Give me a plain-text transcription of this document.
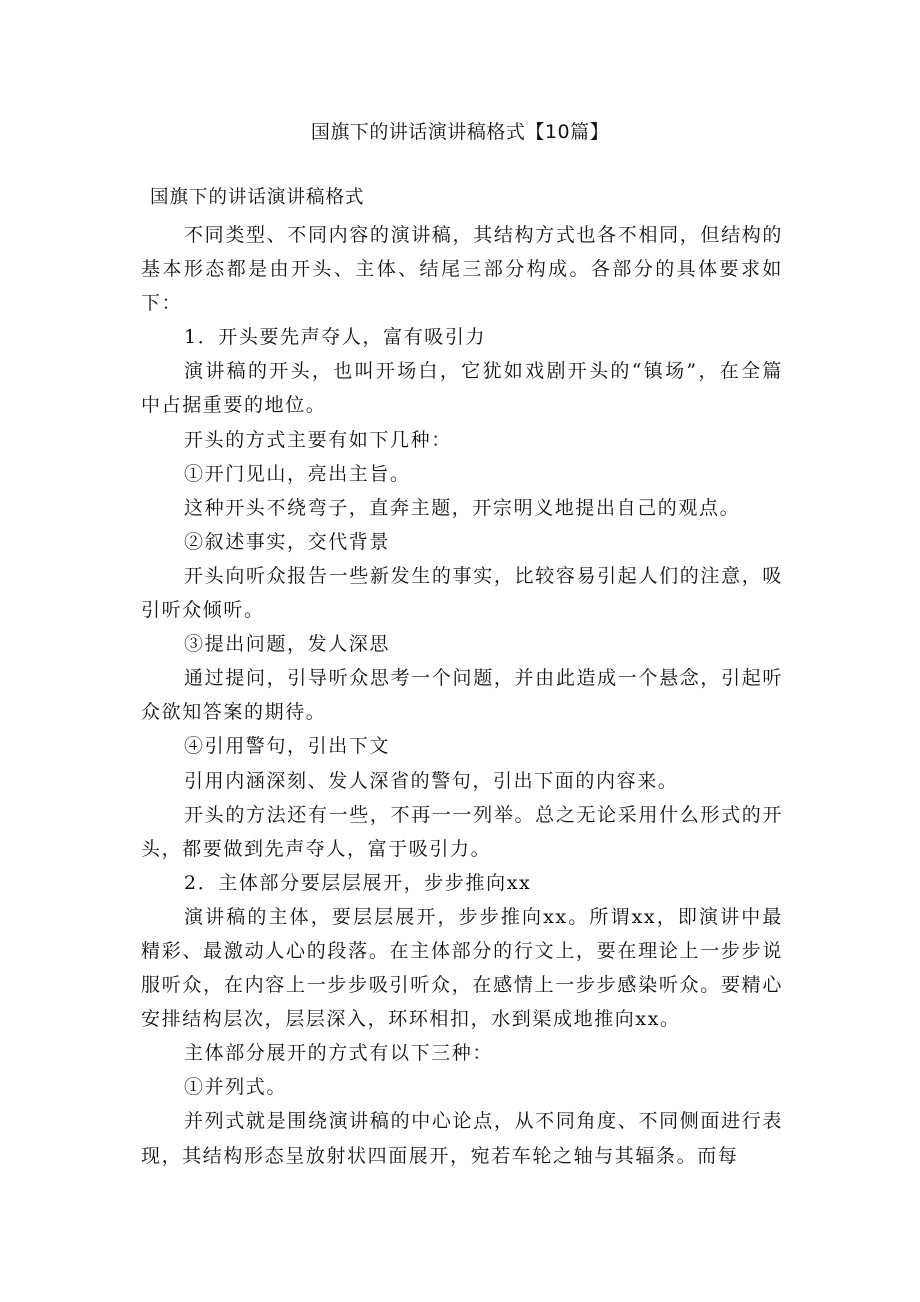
国旗下的讲话演讲稿格式【10篇】
国旗下的讲话演讲稿格式

不同类型、不同内容的演讲稿，其结构方式也各不相同，但结构的基本形态都是由开头、主体、结尾三部分构成。各部分的具体要求如下：

1．开头要先声夺人，富有吸引力

演讲稿的开头，也叫开场白，它犹如戏剧开头的“镇场”，在全篇中占据重要的地位。

开头的方式主要有如下几种：

①开门见山，亮出主旨。

这种开头不绕弯子，直奔主题，开宗明义地提出自己的观点。

②叙述事实，交代背景

开头向听众报告一些新发生的事实，比较容易引起人们的注意，吸引听众倾听。

③提出问题，发人深思

通过提问，引导听众思考一个问题，并由此造成一个悬念，引起听众欲知答案的期待。

④引用警句，引出下文

引用内涵深刻、发人深省的警句，引出下面的内容来。

开头的方法还有一些，不再一一列举。总之无论采用什么形式的开头，都要做到先声夺人，富于吸引力。

2．主体部分要层层展开，步步推向xx

演讲稿的主体，要层层展开，步步推向xx。所谓xx，即演讲中最精彩、最激动人心的段落。在主体部分的行文上，要在理论上一步步说服听众，在内容上一步步吸引听众，在感情上一步步感染听众。要精心安排结构层次，层层深入，环环相扣，水到渠成地推向xx。

主体部分展开的方式有以下三种：

①并列式。

并列式就是围绕演讲稿的中心论点，从不同角度、不同侧面进行表现，其结构形态呈放射状四面展开，宛若车轮之轴与其辐条。而每
